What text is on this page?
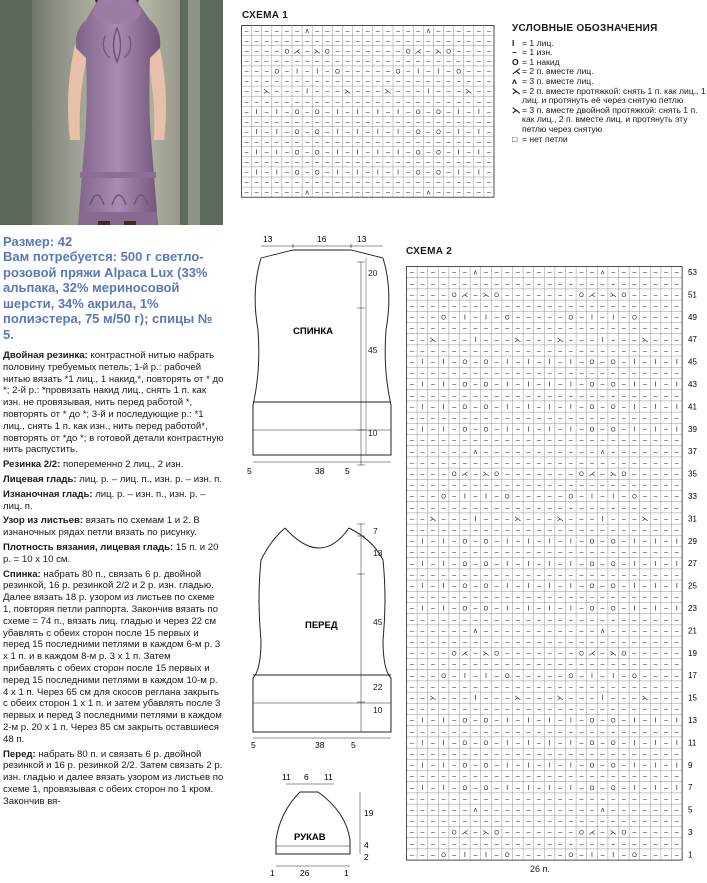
Размер: 42
Вам потребуется: 500 г светло-розовой пряжи Alpaca Lux (33% альпака, 32% мериносовой шерсти, 34% акрила, 1% полиэстера, 75 м/50 г); спицы № 5.

Двойная резинка: контрастной нитью набрать половину требуемых петель; 1-й р.: рабочей нитью вязать *1 лиц., 1 накид,*, повторять от * до *; 2-й р.: *провязать накид лиц., снять 1 п. как изн. не провязывая, нить перед работой *, повторять от * до *; 3-й и последующие р.: *1 лиц., снять 1 п. как изн., нить перед работой*, повторять от *до *; в готовой детали контрастную нить распустить.

Резинка 2/2: попеременно 2 лиц., 2 изн.

Лицевая гладь: лиц. р. – лиц. п., изн. р. – изн. п.

Изнаночная гладь: лиц. р. – изн. п., изн. р. – лиц. п.

Узор из листьев: вязать по схемам 1 и 2. В изнаночных рядах петли вязать по рисунку.

Плотность вязания, лицевая гладь: 15 п. и 20 р. = 10 х 10 см.

Спинка: набрать 80 п., связать 6 р. двойной резинкой, 16 р. резинкой 2/2 и 2 р. изн. гладью. Далее вязать 18 р. узором из листьев по схеме 1, повторяя петли раппорта. Закончив вязать по схеме = 74 п., вязать лиц. гладью и через 22 см убавлять с обеих сторон после 15 первых и перед 15 последними петлями в каждом 6-м р. 3 х 1 п. и в каждом 8-м р. 3 х 1 п. Затем прибавлять с обеих сторон после 15 первых и перед 15 последними петлями в каждом 10-м р. 4 х 1 п. Через 65 см для скосов реглана закрыть с обеих сторон 1 х 1 п. и затем убавлять после 3 первых и перед 3 последними петлями в каждом 2-м р. 20 х 1 п. Через 85 см закрыть оставшиеся 48 п.

Перед: набрать 80 п. и связать 6 р. двойной резинкой и 16 р. резинкой 2/2. Затем связать 2 р. изн. гладью и далее вязать узором из листьев по схеме 1, провязывая с обеих сторон по 1 кром. Закончив вя-

СХЕМА 1
– – – – – – ʌ – – – – – – – – – – – ʌ – – – – – –
– – – – – – – – – – – – – – – – – – – – – – – – –
– – – – O ⋌ – ⋋ O – – – – – – – O ⋌ – ⋋ O – – – –
– – – – – – – – – – – – – – – – – – – – – – – – –
– – – O – I – I – O – – – – – O – I – I – O – – –
– – – – – – – – – – – – – – – – – – – – – – – – –
– – ⋋ – – – I – – – ⋋ – – – ⋋ – – – I – – – ⋋ – –
– – – – – – – – – – – – – – – – – – – – – – – – –
– I – I – O – O – I – I – I – I – O – O – I – I –
– – – – – – – – – – – – – – – – – – – – – – – – –
– I – I – O – O – I – I – I – I – O – O – I – I –
– – – – – – – – – – – – – – – – – – – – – – – – –
– I – I – O – O – I – I – I – I – O – O – I – I –
– – – – – – – – – – – – – – – – – – – – – – – – –
– I – I – O – O – I – I – I – I – O – O – I – I –
– – – – – – – – – – – – – – – – – – – – – – – – –
– – – – – – ʌ – – – – – – – – – – – ʌ – – – – – –
УСЛОВНЫЕ ОБОЗНАЧЕНИЯ
I = 1 лиц.
– = 1 изн.
O = 1 накид
⋌ = 2 п. вместе лиц.
ʌ = 3 п. вместе лиц.
⋋ = 2 п. вместе протяжкой: снять 1 п. как лиц., 1 лиц. и протянуть её через снятую петлю
⋋ = 3 п. вместе двойной протяжкой: снять 1 п. как лиц., 2 п. вместе лиц. и протянуть эту петлю через снятую
□ = нет петли
СХЕМА 2
– – – – – – ʌ – – – – – – – – – – – ʌ – – – – – – –
– – – – – – – – – – – – – – – – – – – – – – – – – –
– – – – O ⋌ – ⋋ O – – – – – – – O ⋌ – ⋋ O – – – – –
– – – – – – – – – – – – – – – – – – – – – – – – – –
– – – O – I – I – O – – – – – O – I – I – O – – – –
– – – – – – – – – – – – – – – – – – – – – – – – – –
– – ⋋ – – – I – – – ⋋ – – – ⋋ – – – I – – – ⋋ – – –
– – – – – – – – – – – – – – – – – – – – – – – – – –
– I – I – O – O – I – I – I – I – O – O – I – I – I
– – – – – – – – – – – – – – – – – – – – – – – – – –
– I – I – O – O – I – I – I – I – O – O – I – I – I
– – – – – – – – – – – – – – – – – – – – – – – – – –
– I – I – O – O – I – I – I – I – O – O – I – I – I
– – – – – – – – – – – – – – – – – – – – – – – – – –
– I – I – O – O – I – I – I – I – O – O – I – I – I
– – – – – – – – – – – – – – – – – – – – – – – – – –
– – – – – – ʌ – – – – – – – – – – – ʌ – – – – – – –
– – – – – – – – – – – – – – – – – – – – – – – – – –
– – – – O ⋌ – ⋋ O – – – – – – – O ⋌ – ⋋ O – – – – –
– – – – – – – – – – – – – – – – – – – – – – – – – –
– – – O – I – I – O – – – – – O – I – I – O – – – –
– – – – – – – – – – – – – – – – – – – – – – – – – –
– – ⋋ – – – I – – – ⋋ – – – ⋋ – – – I – – – ⋋ – – –
– – – – – – – – – – – – – – – – – – – – – – – – – –
– I – I – O – O – I – I – I – I – O – O – I – I – I
– – – – – – – – – – – – – – – – – – – – – – – – – –
– I – I – O – O – I – I – I – I – O – O – I – I – I
– – – – – – – – – – – – – – – – – – – – – – – – – –
– I – I – O – O – I – I – I – I – O – O – I – I – I
– – – – – – – – – – – – – – – – – – – – – – – – – –
– I – I – O – O – I – I – I – I – O – O – I – I – I
– – – – – – – – – – – – – – – – – – – – – – – – – –
– – – – – – ʌ – – – – – – – – – – – ʌ – – – – – – –
– – – – – – – – – – – – – – – – – – – – – – – – – –
– – – – O ⋌ – ⋋ O – – – – – – – O ⋌ – ⋋ O – – – – –
– – – – – – – – – – – – – – – – – – – – – – – – – –
– – – O – I – I – O – – – – – O – I – I – O – – – –
– – – – – – – – – – – – – – – – – – – – – – – – – –
– – ⋋ – – – I – – – ⋋ – – – ⋋ – – – I – – – ⋋ – – –
– – – – – – – – – – – – – – – – – – – – – – – – – –
– I – I – O – O – I – I – I – I – O – O – I – I – I
– – – – – – – – – – – – – – – – – – – – – – – – – –
– I – I – O – O – I – I – I – I – O – O – I – I – I
– – – – – – – – – – – – – – – – – – – – – – – – – –
– I – I – O – O – I – I – I – I – O – O – I – I – I
– – – – – – – – – – – – – – – – – – – – – – – – – –
– I – I – O – O – I – I – I – I – O – O – I – I – I
– – – – – – – – – – – – – – – – – – – – – – – – – –
– – – – – – ʌ – – – – – – – – – – – ʌ – – – – – – –
– – – – – – – – – – – – – – – – – – – – – – – – – –
– – – – O ⋌ – ⋋ O – – – – – – – O ⋌ – ⋋ O – – – – –
– – – – – – – – – – – – – – – – – – – – – – – – – –
– – – O – I – I – O – – – – – O – I – I – O – – – –
53
51
49
47
45
43
41
39
37
35
33
31
29
27
25
23
21
19
17
15
13
11
9
7
5
3
1
26 п.
13	16	13
СПИНКА
5	38 5
20
45
10
ПЕРЕД
5	38	5
7
13
45
22
10
11 6 11
РУКАВ
1	26	1
19
4
2
